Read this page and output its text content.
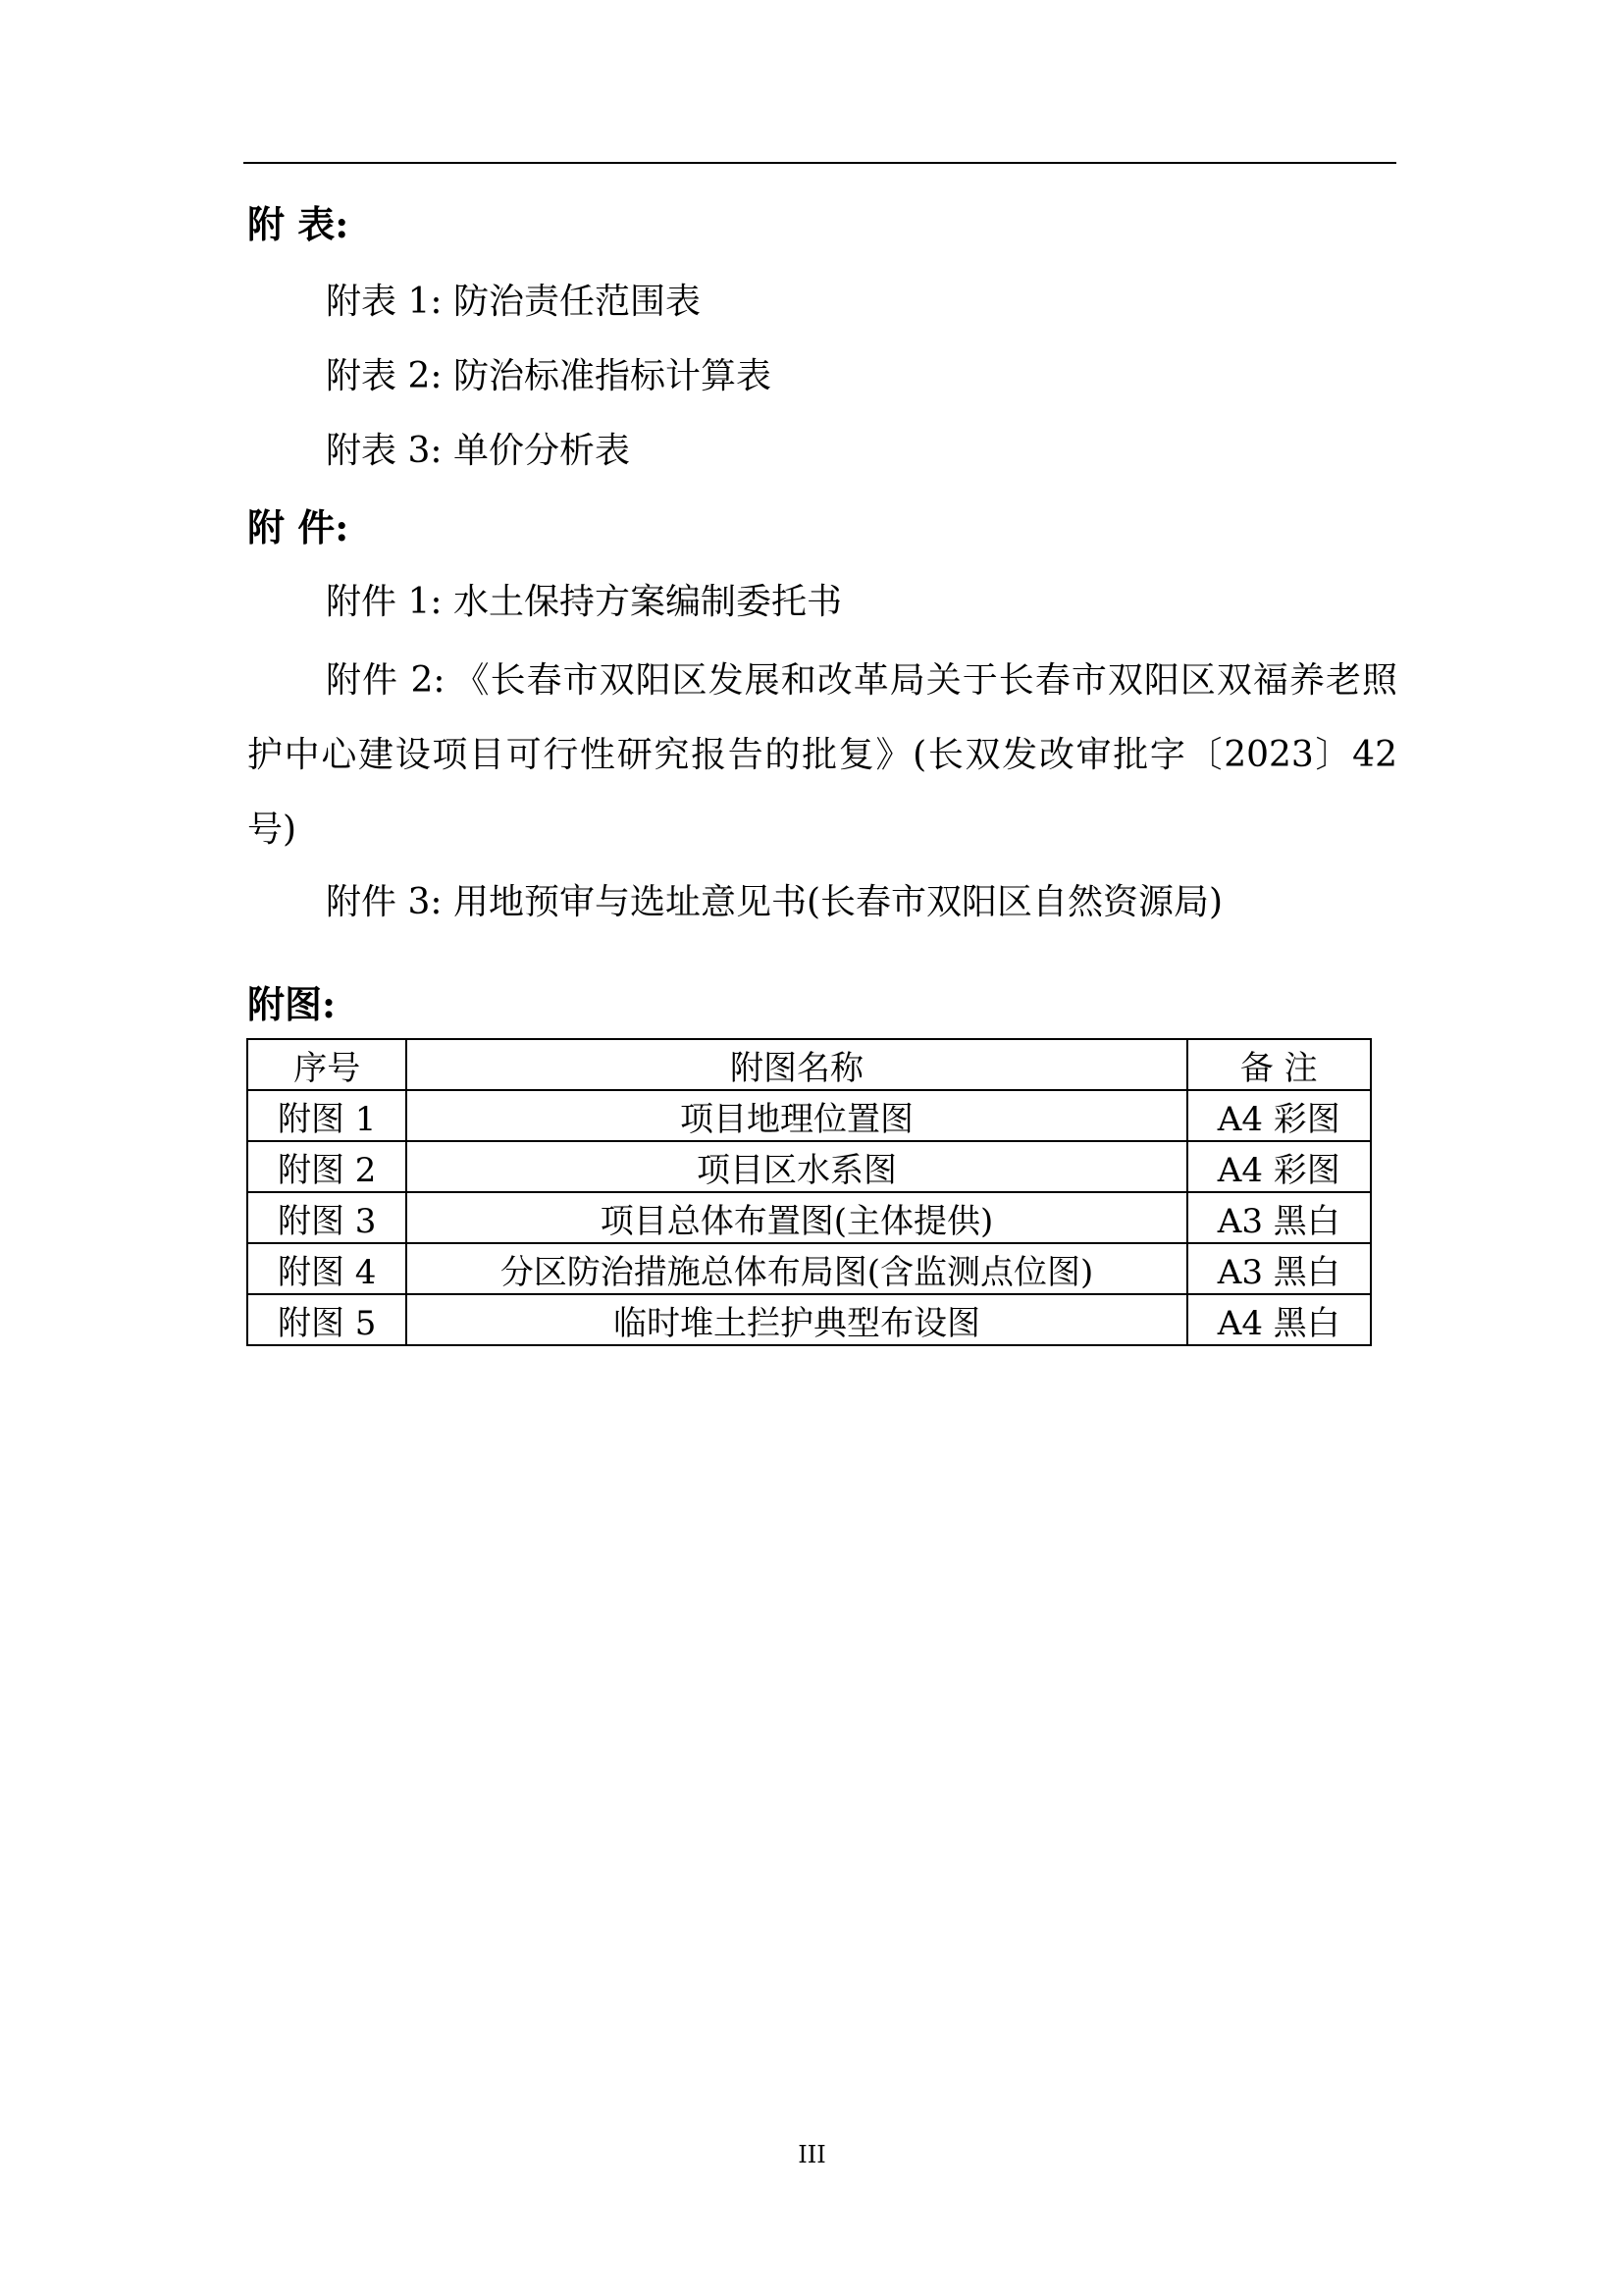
附 表:
附表 1: 防治责任范围表
附表 2: 防治标准指标计算表
附表 3: 单价分析表
附 件:
附件 1: 水土保持方案编制委托书
附件 2: 《长春市双阳区发展和改革局关于长春市双阳区双福养老照护中心建设项目可行性研究报告的批复》(长双发改审批字〔2023〕42 号)
附件 3: 用地预审与选址意见书(长春市双阳区自然资源局)
附图:
序号	附图名称	备 注
附图 1	项目地理位置图	A4 彩图
附图 2	项目区水系图	A4 彩图
附图 3	项目总体布置图(主体提供)	A3 黑白
附图 4	分区防治措施总体布局图(含监测点位图)	A3 黑白
附图 5	临时堆土拦护典型布设图	A4 黑白
III
